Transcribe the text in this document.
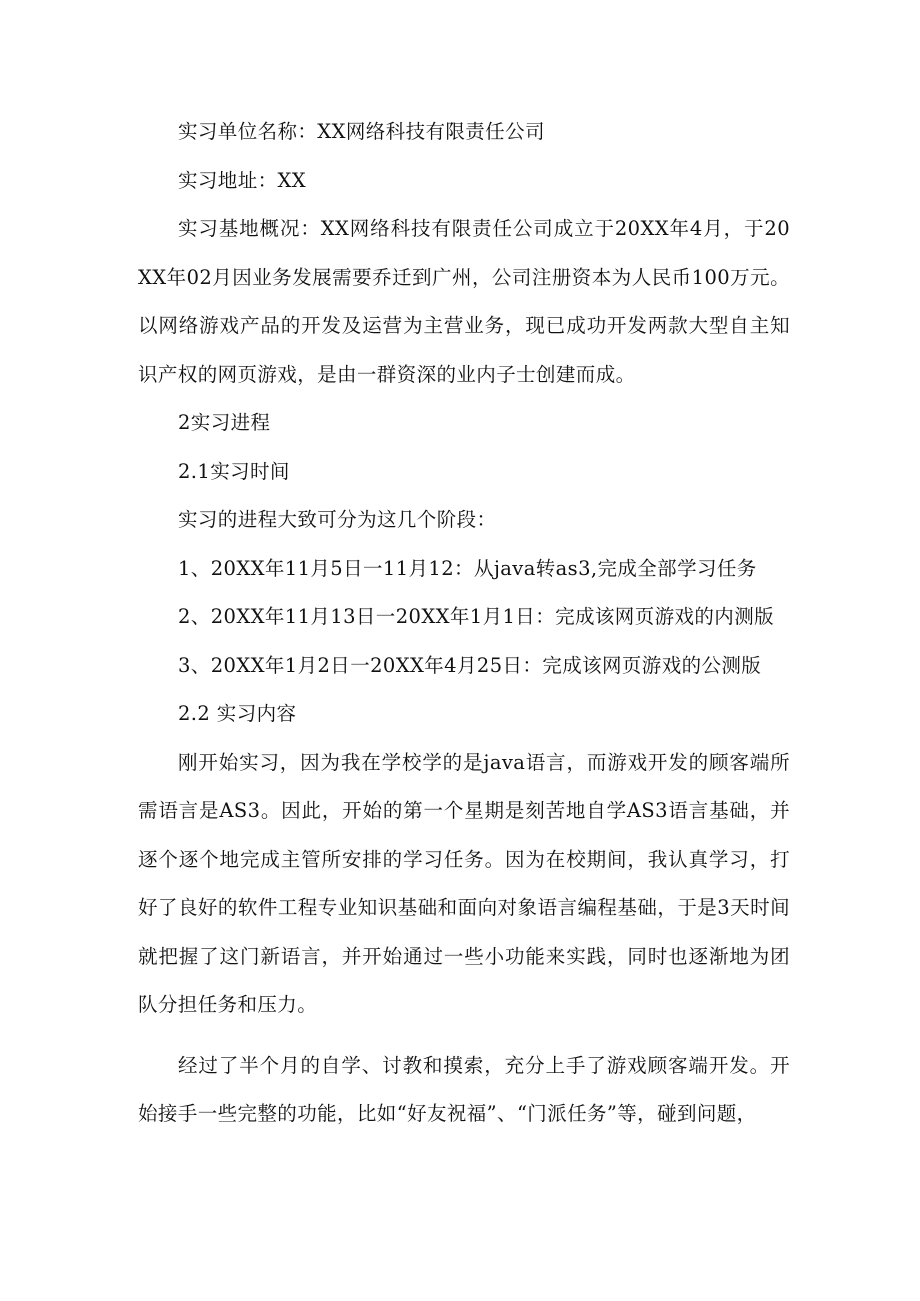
实习单位名称：XX网络科技有限责任公司

实习地址：XX

实习基地概况：XX网络科技有限责任公司成立于20XX年4月，于20XX年02月因业务发展需要乔迁到广州，公司注册资本为人民币100万元。以网络游戏产品的开发及运营为主营业务，现已成功开发两款大型自主知识产权的网页游戏，是由一群资深的业内子士创建而成。

2实习进程

2.1实习时间

实习的进程大致可分为这几个阶段：

1、20XX年11月5日一11月12：从java转as3,完成全部学习任务

2、20XX年11月13日一20XX年1月1日：完成该网页游戏的内测版

3、20XX年1月2日一20XX年4月25日：完成该网页游戏的公测版

2.2 实习内容

刚开始实习，因为我在学校学的是java语言，而游戏开发的顾客端所需语言是AS3。因此，开始的第一个星期是刻苦地自学AS3语言基础，并逐个逐个地完成主管所安排的学习任务。因为在校期间，我认真学习，打好了良好的软件工程专业知识基础和面向对象语言编程基础，于是3天时间就把握了这门新语言，并开始通过一些小功能来实践，同时也逐渐地为团队分担任务和压力。

经过了半个月的自学、讨教和摸索，充分上手了游戏顾客端开发。开始接手一些完整的功能，比如“好友祝福”、“门派任务”等，碰到问题，
